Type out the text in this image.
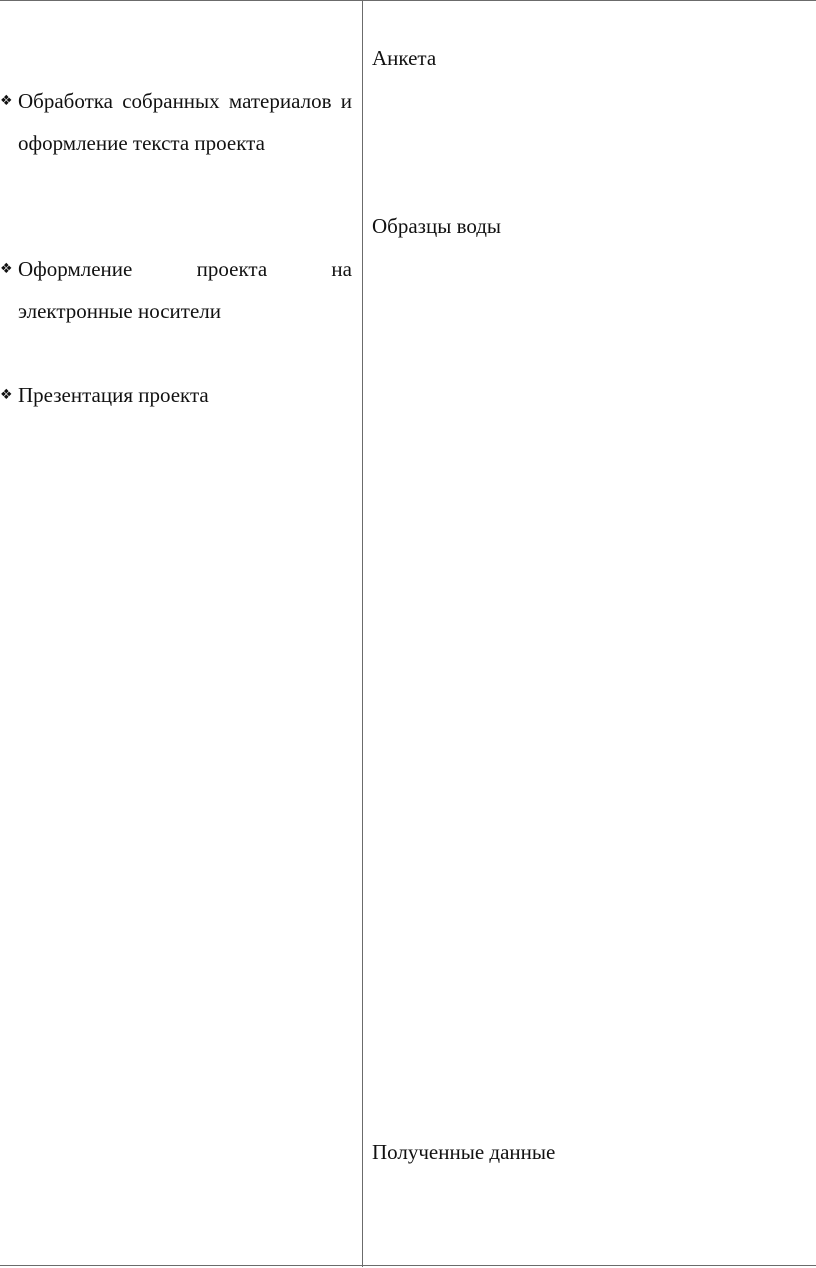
❖ Обработка собранных материалов и оформление текста проекта
❖ Оформление проекта на электронные носители
❖ Презентация проекта
Анкета
Образцы воды
Полученные данные
